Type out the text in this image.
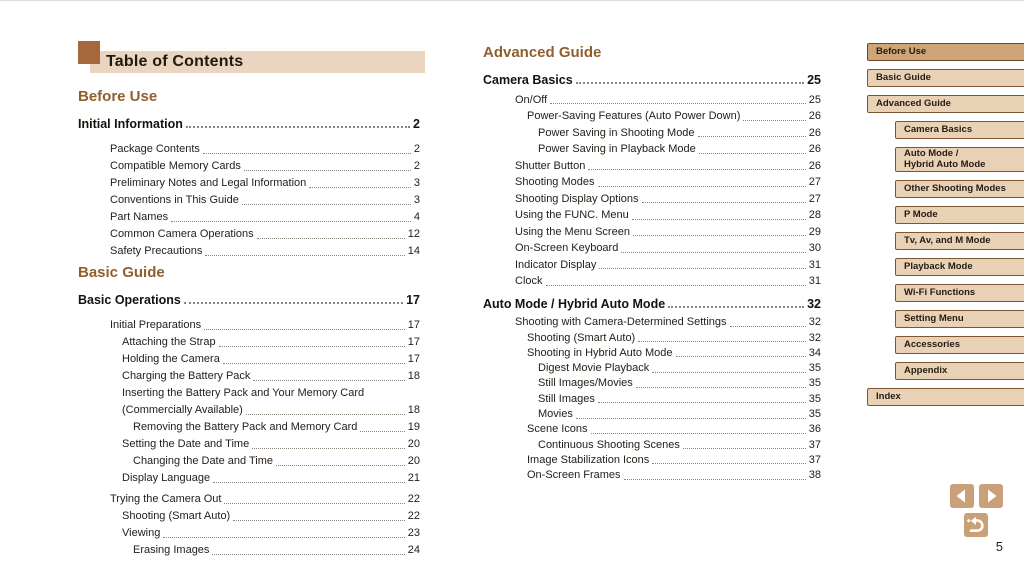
Table of Contents
Before Use
Initial Information	2
Package Contents	2
Compatible Memory Cards	2
Preliminary Notes and Legal Information	3
Conventions in This Guide	3
Part Names	4
Common Camera Operations	12
Safety Precautions	14
Basic Guide
Basic Operations	17
Initial Preparations	17
Attaching the Strap	17
Holding the Camera	17
Charging the Battery Pack	18
Inserting the Battery Pack and Your Memory Card
(Commercially Available)	18
Removing the Battery Pack and Memory Card	19
Setting the Date and Time	20
Changing the Date and Time	20
Display Language	21
Trying the Camera Out	22
Shooting (Smart Auto)	22
Viewing	23
Erasing Images	24
Advanced Guide
Camera Basics	25
On/Off	25
Power-Saving Features (Auto Power Down)	26
Power Saving in Shooting Mode	26
Power Saving in Playback Mode	26
Shutter Button	26
Shooting Modes	27
Shooting Display Options	27
Using the FUNC. Menu	28
Using the Menu Screen	29
On-Screen Keyboard	30
Indicator Display	31
Clock	31
Auto Mode / Hybrid Auto Mode	32
Shooting with Camera-Determined Settings	32
Shooting (Smart Auto)	32
Shooting in Hybrid Auto Mode	34
Digest Movie Playback	35
Still Images/Movies	35
Still Images	35
Movies	35
Scene Icons	36
Continuous Shooting Scenes	37
Image Stabilization Icons	37
On-Screen Frames	38
Before Use
Basic Guide
Advanced Guide
Camera Basics
Auto Mode /
Hybrid Auto Mode
Other Shooting Modes
P Mode
Tv, Av, and M Mode
Playback Mode
Wi-Fi Functions
Setting Menu
Accessories
Appendix
Index
5
